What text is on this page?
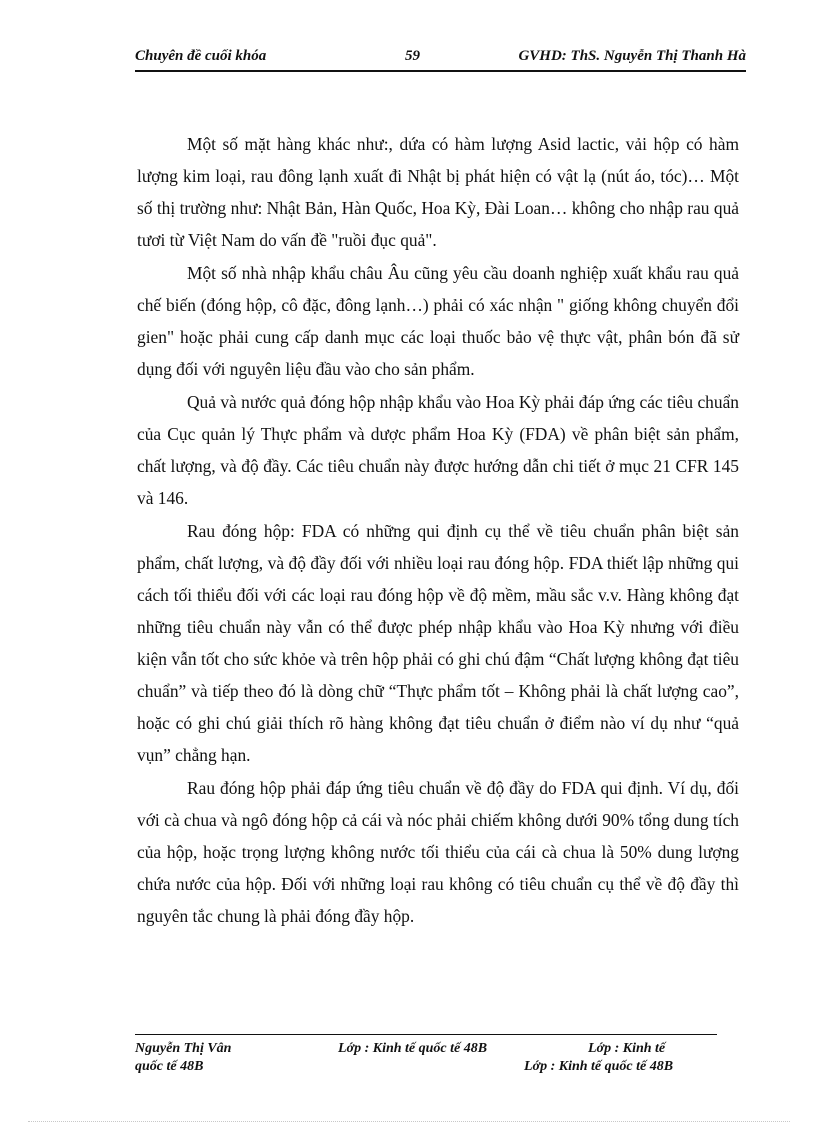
Chuyên đề cuối khóa	59	GVHD: ThS. Nguyễn Thị Thanh Hà

Một số mặt hàng khác như:, dứa có hàm lượng Asid lactic, vải hộp có hàm lượng kim loại, rau đông lạnh xuất đi Nhật bị phát hiện có vật lạ (nút áo, tóc)… Một số thị trường như: Nhật Bản, Hàn Quốc, Hoa Kỳ, Đài Loan… không cho nhập rau quả tươi từ Việt Nam do vấn đề "ruồi đục quả".

Một số nhà nhập khẩu châu Âu cũng yêu cầu doanh nghiệp xuất khẩu rau quả chế biến (đóng hộp, cô đặc, đông lạnh…) phải có xác nhận " giống không chuyển đổi gien" hoặc phải cung cấp danh mục các loại thuốc bảo vệ thực vật, phân bón đã sử dụng đối với nguyên liệu đầu vào cho sản phẩm.

Quả và nước quả đóng hộp nhập khẩu vào Hoa Kỳ phải đáp ứng các tiêu chuẩn của Cục quản lý Thực phẩm và dược phẩm Hoa Kỳ (FDA) về phân biệt sản phẩm, chất lượng, và độ đầy. Các tiêu chuẩn này được hướng dẫn chi tiết ở mục 21 CFR 145 và 146.

Rau đóng hộp: FDA có những qui định cụ thể về tiêu chuẩn phân biệt sản phẩm, chất lượng, và độ đầy đối với nhiều loại rau đóng hộp. FDA thiết lập những qui cách tối thiểu đối với các loại rau đóng hộp về độ mềm, mầu sắc v.v. Hàng không đạt những tiêu chuẩn này vẫn có thể được phép nhập khẩu vào Hoa Kỳ nhưng với điều kiện vẫn tốt cho sức khỏe và trên hộp phải có ghi chú đậm “Chất lượng không đạt tiêu chuẩn” và tiếp theo đó là dòng chữ “Thực phẩm tốt – Không phải là chất lượng cao”, hoặc có ghi chú giải thích rõ hàng không đạt tiêu chuẩn ở điểm nào ví dụ như “quả vụn” chẳng hạn.

Rau đóng hộp phải đáp ứng tiêu chuẩn về độ đầy do FDA qui định. Ví dụ, đối với cà chua và ngô đóng hộp cả cái và nóc phải chiếm không dưới 90% tổng dung tích của hộp, hoặc trọng lượng không nước tối thiểu của cái cà chua là 50% dung lượng chứa nước của hộp. Đối với những loại rau không có tiêu chuẩn cụ thể về độ đầy thì nguyên tắc chung là phải đóng đầy hộp.

Nguyễn Thị Vân	Lớp : Kinh tế quốc tế 48B	Lớp : Kinh tế
quốc tế 48B	Lớp : Kinh tế quốc tế 48B
